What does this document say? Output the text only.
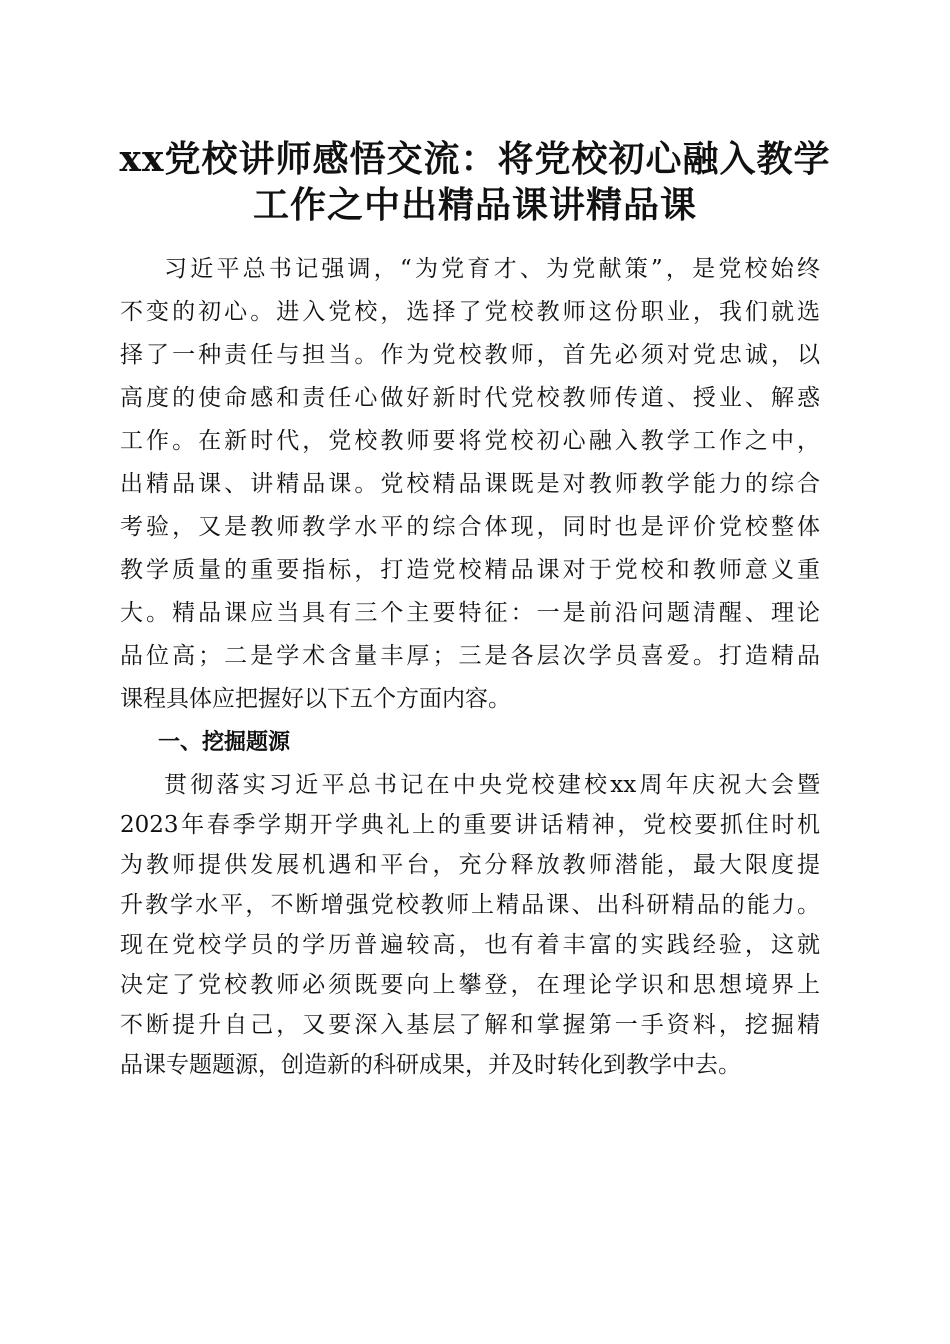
xx党校讲师感悟交流：将党校初心融入教学
工作之中出精品课讲精品课
习近平总书记强调，“为党育才、为党献策”，是党校始终
不变的初心。进入党校，选择了党校教师这份职业，我们就选
择了一种责任与担当。作为党校教师，首先必须对党忠诚，以
高度的使命感和责任心做好新时代党校教师传道、授业、解惑
工作。在新时代，党校教师要将党校初心融入教学工作之中，
出精品课、讲精品课。党校精品课既是对教师教学能力的综合
考验，又是教师教学水平的综合体现，同时也是评价党校整体
教学质量的重要指标，打造党校精品课对于党校和教师意义重
大。精品课应当具有三个主要特征：一是前沿问题清醒、理论
品位高；二是学术含量丰厚；三是各层次学员喜爱。打造精品
课程具体应把握好以下五个方面内容。
一、挖掘题源
贯彻落实习近平总书记在中央党校建校xx周年庆祝大会暨
2023年春季学期开学典礼上的重要讲话精神，党校要抓住时机
为教师提供发展机遇和平台，充分释放教师潜能，最大限度提
升教学水平，不断增强党校教师上精品课、出科研精品的能力。
现在党校学员的学历普遍较高，也有着丰富的实践经验，这就
决定了党校教师必须既要向上攀登，在理论学识和思想境界上
不断提升自己，又要深入基层了解和掌握第一手资料，挖掘精
品课专题题源，创造新的科研成果，并及时转化到教学中去。
